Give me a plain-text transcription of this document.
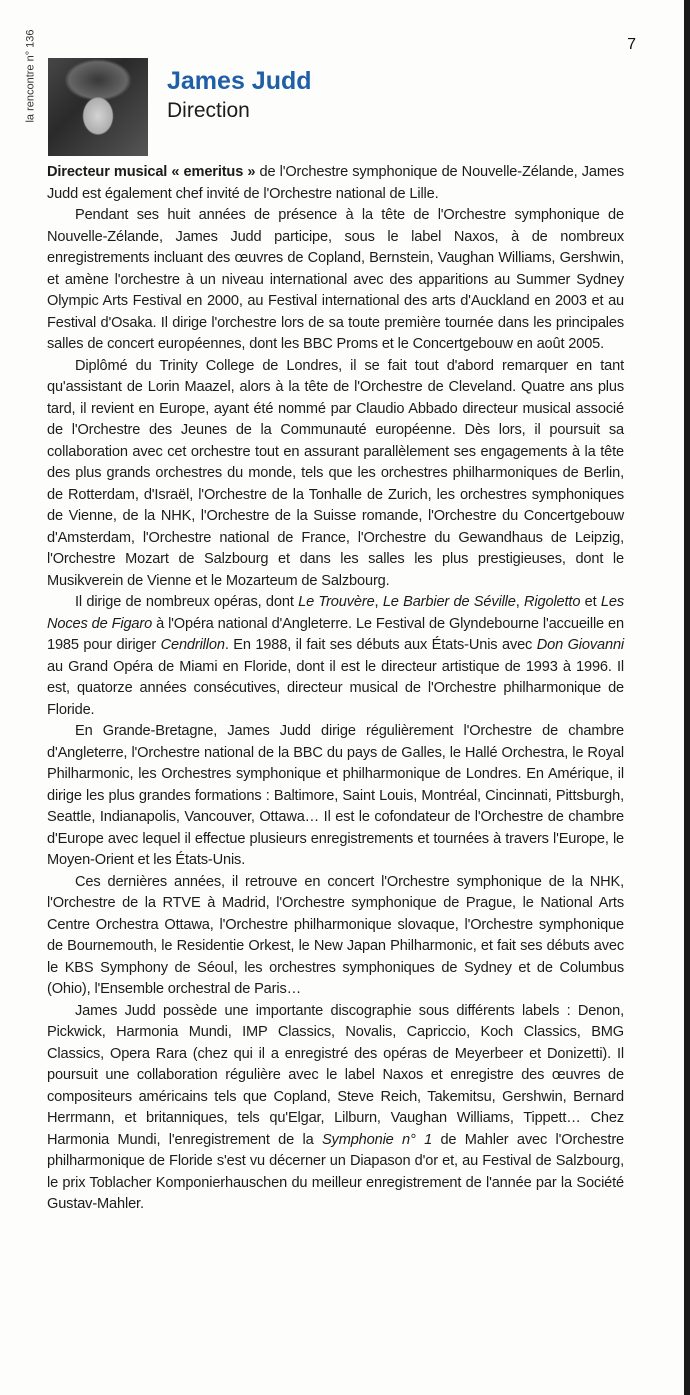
la rencontre n° 136	7
James Judd
Direction

Directeur musical « emeritus » de l'Orchestre symphonique de Nouvelle-Zélande, James Judd est également chef invité de l'Orchestre national de Lille.

Pendant ses huit années de présence à la tête de l'Orchestre symphonique de Nouvelle-Zélande, James Judd participe, sous le label Naxos, à de nombreux enregistrements incluant des œuvres de Copland, Bernstein, Vaughan Williams, Gershwin, et amène l'orchestre à un niveau international avec des apparitions au Summer Sydney Olympic Arts Festival en 2000, au Festival international des arts d'Auckland en 2003 et au Festival d'Osaka. Il dirige l'orchestre lors de sa toute première tournée dans les principales salles de concert européennes, dont les BBC Proms et le Concertgebouw en août 2005.

Diplômé du Trinity College de Londres, il se fait tout d'abord remarquer en tant qu'assistant de Lorin Maazel, alors à la tête de l'Orchestre de Cleveland. Quatre ans plus tard, il revient en Europe, ayant été nommé par Claudio Abbado directeur musical associé de l'Orchestre des Jeunes de la Communauté européenne. Dès lors, il poursuit sa collaboration avec cet orchestre tout en assurant parallèlement ses engagements à la tête des plus grands orchestres du monde, tels que les orchestres philharmoniques de Berlin, de Rotterdam, d'Israël, l'Orchestre de la Tonhalle de Zurich, les orchestres symphoniques de Vienne, de la NHK, l'Orchestre de la Suisse romande, l'Orchestre du Concertgebouw d'Amsterdam, l'Orchestre national de France, l'Orchestre du Gewandhaus de Leipzig, l'Orchestre Mozart de Salzbourg et dans les salles les plus prestigieuses, dont le Musikverein de Vienne et le Mozarteum de Salzbourg.

Il dirige de nombreux opéras, dont Le Trouvère, Le Barbier de Séville, Rigoletto et Les Noces de Figaro à l'Opéra national d'Angleterre. Le Festival de Glyndebourne l'accueille en 1985 pour diriger Cendrillon. En 1988, il fait ses débuts aux États-Unis avec Don Giovanni au Grand Opéra de Miami en Floride, dont il est le directeur artistique de 1993 à 1996. Il est, quatorze années consécutives, directeur musical de l'Orchestre philharmonique de Floride.

En Grande-Bretagne, James Judd dirige régulièrement l'Orchestre de chambre d'Angleterre, l'Orchestre national de la BBC du pays de Galles, le Hallé Orchestra, le Royal Philharmonic, les Orchestres symphonique et philharmonique de Londres. En Amérique, il dirige les plus grandes formations : Baltimore, Saint Louis, Montréal, Cincinnati, Pittsburgh, Seattle, Indianapolis, Vancouver, Ottawa… Il est le cofondateur de l'Orchestre de chambre d'Europe avec lequel il effectue plusieurs enregistrements et tournées à travers l'Europe, le Moyen-Orient et les États-Unis.

Ces dernières années, il retrouve en concert l'Orchestre symphonique de la NHK, l'Orchestre de la RTVE à Madrid, l'Orchestre symphonique de Prague, le National Arts Centre Orchestra Ottawa, l'Orchestre philharmonique slovaque, l'Orchestre symphonique de Bournemouth, le Residentie Orkest, le New Japan Philharmonic, et fait ses débuts avec le KBS Symphony de Séoul, les orchestres symphoniques de Sydney et de Columbus (Ohio), l'Ensemble orchestral de Paris…

James Judd possède une importante discographie sous différents labels : Denon, Pickwick, Harmonia Mundi, IMP Classics, Novalis, Capriccio, Koch Classics, BMG Classics, Opera Rara (chez qui il a enregistré des opéras de Meyerbeer et Donizetti). Il poursuit une collaboration régulière avec le label Naxos et enregistre des œuvres de compositeurs américains tels que Copland, Steve Reich, Takemitsu, Gershwin, Bernard Herrmann, et britanniques, tels qu'Elgar, Lilburn, Vaughan Williams, Tippett… Chez Harmonia Mundi, l'enregistrement de la Symphonie n° 1 de Mahler avec l'Orchestre philharmonique de Floride s'est vu décerner un Diapason d'or et, au Festival de Salzbourg, le prix Toblacher Komponierhauschen du meilleur enregistrement de l'année par la Société Gustav-Mahler.
